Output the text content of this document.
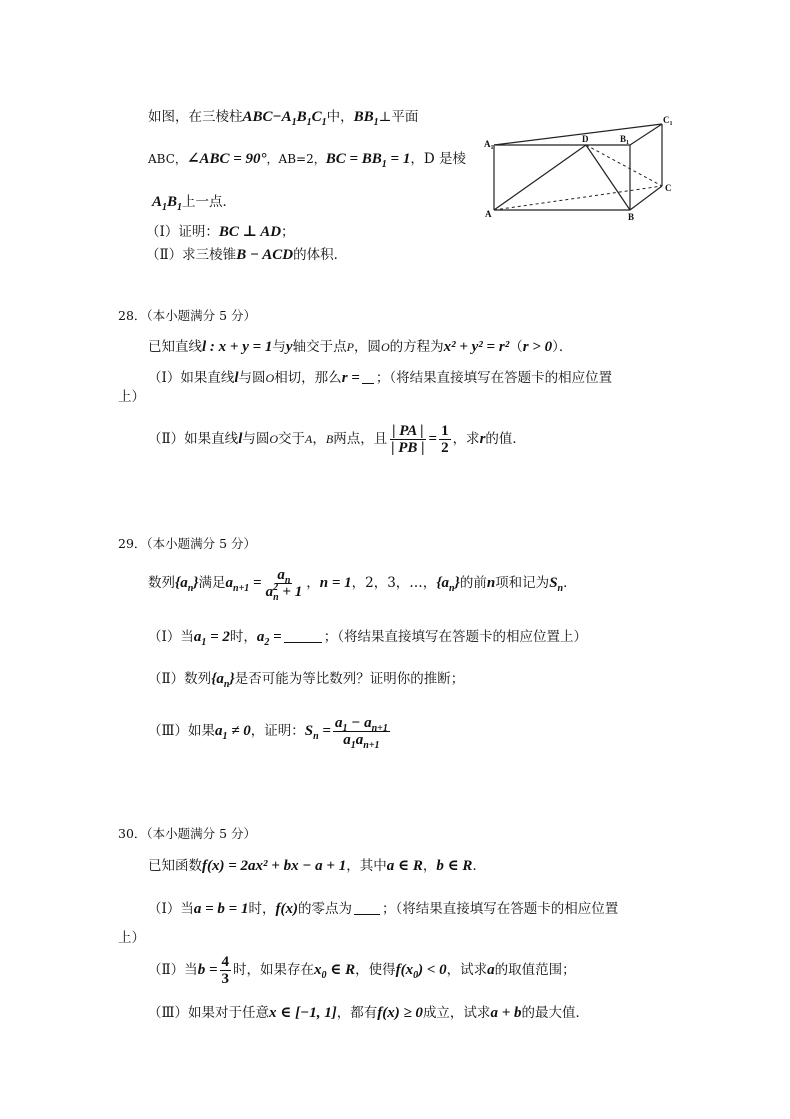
如图，在三棱柱$ABC-A_1B_1C_1$中，$BB_1\perp$平面
ABC，∠ABC = 90°，AB=2，BC = $BB_1 = 1$，D 是棱
$A_1B_1$上一点．
（Ⅰ）证明：BC ⊥ AD；
（Ⅱ）求三棱锥B − ACD的体积．
$A_1$
D	$B_1$
$C_1$
A	B
C
28．（本小题满分 5 分）
已知直线l : x + y = 1与y轴交于点P，圆O的方程为x² + y² = r²（r > 0）．
（Ⅰ）如果直线l与圆O相切，那么r = ；（将结果直接填写在答题卡的相应位置
上）
（Ⅱ）如果直线l与圆O交于A，B两点，且 $\frac{| PA |}{| PB |} = \frac{1}{2}$ ，求r的值．
29．（本小题满分 5 分）
数列$\{a_n\}$满足$a_{n+1} = \frac{a_n}{a^2_n + 1}$ ，n = 1，2，3，…，$\{a_n\}$的前n项和记为$S_n$．
（Ⅰ）当$a_1 = 2$时，$a_2$ =	；（将结果直接填写在答题卡的相应位置上）
（Ⅱ）数列$\{a_n\}$是否可能为等比数列？证明你的推断；
（Ⅲ）如果$a_1 \ne 0$，证明：$S_n = \frac{a_1 - a_{n+1}}{a_1a_{n+1}}$
30．（本小题满分 5 分）
已知函数f(x) = 2ax² + bx − a + 1，其中a ∈ R，b ∈ R．
（Ⅰ）当a = b = 1时，f(x)的零点为 ；（将结果直接填写在答题卡的相应位置
上）
（Ⅱ）当$b = \frac{4}{3}$ 时，如果存在$x_0$ ∈ R，使得$f(x_0) < 0$，试求a的取值范围；
（Ⅲ）如果对于任意x ∈ [−1, 1]，都有f(x) ≥ 0成立，试求a + b的最大值．
